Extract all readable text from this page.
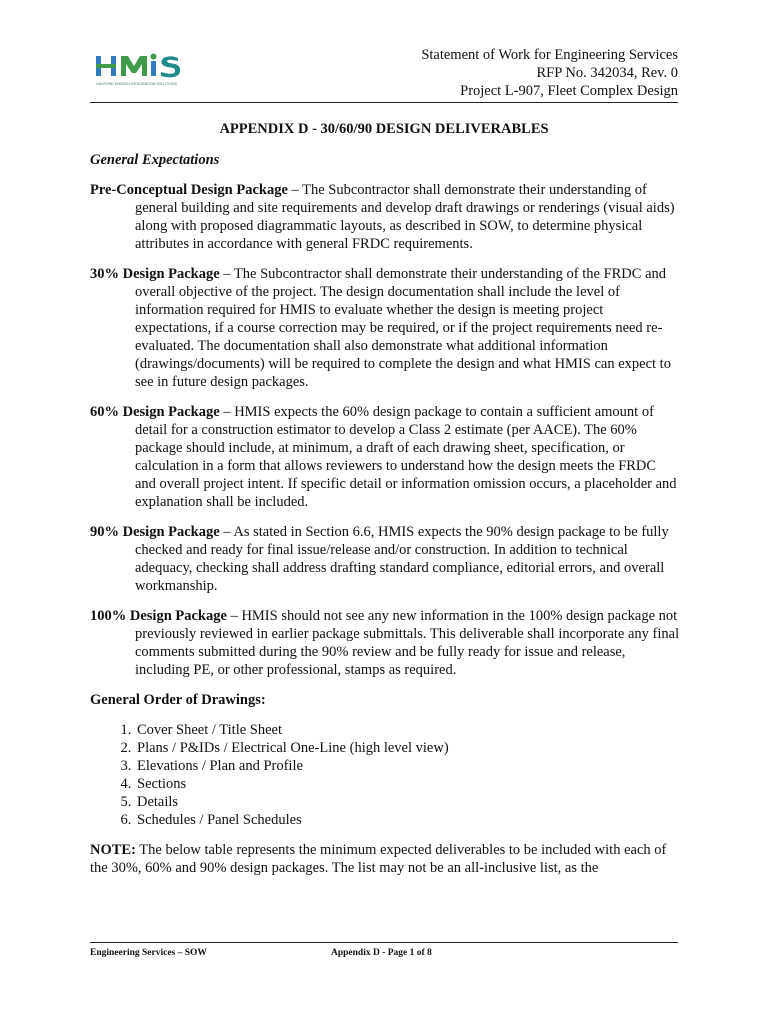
HANFORD MISSION INTEGRATION SOLUTIONS
Statement of Work for Engineering Services
RFP No. 342034, Rev. 0
Project L-907, Fleet Complex Design
APPENDIX D - 30/60/90 DESIGN DELIVERABLES
General Expectations

Pre-Conceptual Design Package – The Subcontractor shall demonstrate their understanding of general building and site requirements and develop draft drawings or renderings (visual aids) along with proposed diagrammatic layouts, as described in SOW, to determine physical attributes in accordance with general FRDC requirements.

30% Design Package – The Subcontractor shall demonstrate their understanding of the FRDC and overall objective of the project. The design documentation shall include the level of information required for HMIS to evaluate whether the design is meeting project expectations, if a course correction may be required, or if the project requirements need re-evaluated. The documentation shall also demonstrate what additional information (drawings/documents) will be required to complete the design and what HMIS can expect to see in future design packages.

60% Design Package – HMIS expects the 60% design package to contain a sufficient amount of detail for a construction estimator to develop a Class 2 estimate (per AACE). The 60% package should include, at minimum, a draft of each drawing sheet, specification, or calculation in a form that allows reviewers to understand how the design meets the FRDC and overall project intent. If specific detail or information omission occurs, a placeholder and explanation shall be included.

90% Design Package – As stated in Section 6.6, HMIS expects the 90% design package to be fully checked and ready for final issue/release and/or construction. In addition to technical adequacy, checking shall address drafting standard compliance, editorial errors, and overall workmanship.

100% Design Package – HMIS should not see any new information in the 100% design package not previously reviewed in earlier package submittals. This deliverable shall incorporate any final comments submitted during the 90% review and be fully ready for issue and release, including PE, or other professional, stamps as required.

General Order of Drawings:
1. Cover Sheet / Title Sheet
2. Plans / P&IDs / Electrical One-Line (high level view)
3. Elevations / Plan and Profile
4. Sections
5. Details
6. Schedules / Panel Schedules

NOTE: The below table represents the minimum expected deliverables to be included with each of the 30%, 60% and 90% design packages. The list may not be an all-inclusive list, as the

Engineering Services – SOW	Appendix D - Page 1 of 8
